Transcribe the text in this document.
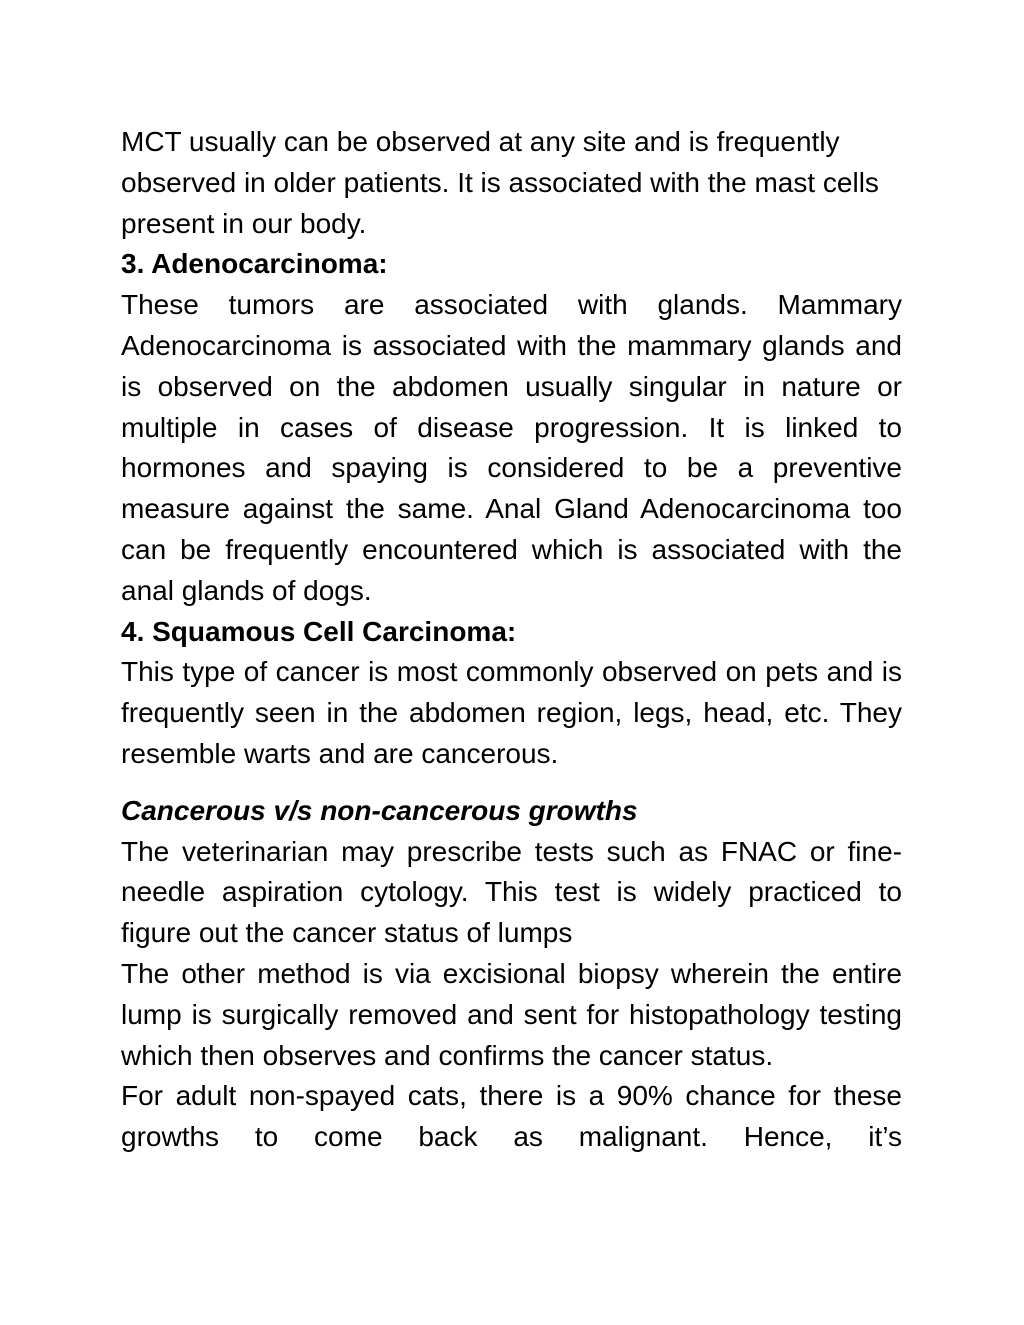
MCT usually can be observed at any site and is frequently observed in older patients. It is associated with the mast cells present in our body.

3. Adenocarcinoma:

These tumors are associated with glands. Mammary Adenocarcinoma is associated with the mammary glands and is observed on the abdomen usually singular in nature or multiple in cases of disease progression. It is linked to hormones and spaying is considered to be a preventive measure against the same. Anal Gland Adenocarcinoma too can be frequently encountered which is associated with the anal glands of dogs.

4. Squamous Cell Carcinoma:

This type of cancer is most commonly observed on pets and is frequently seen in the abdomen region, legs, head, etc. They resemble warts and are cancerous.

Cancerous v/s non-cancerous growths

The veterinarian may prescribe tests such as FNAC or fine-needle aspiration cytology. This test is widely practiced to figure out the cancer status of lumps

The other method is via excisional biopsy wherein the entire lump is surgically removed and sent for histopathology testing which then observes and confirms the cancer status.

For adult non-spayed cats, there is a 90% chance for these growths to come back as malignant. Hence, it’s
